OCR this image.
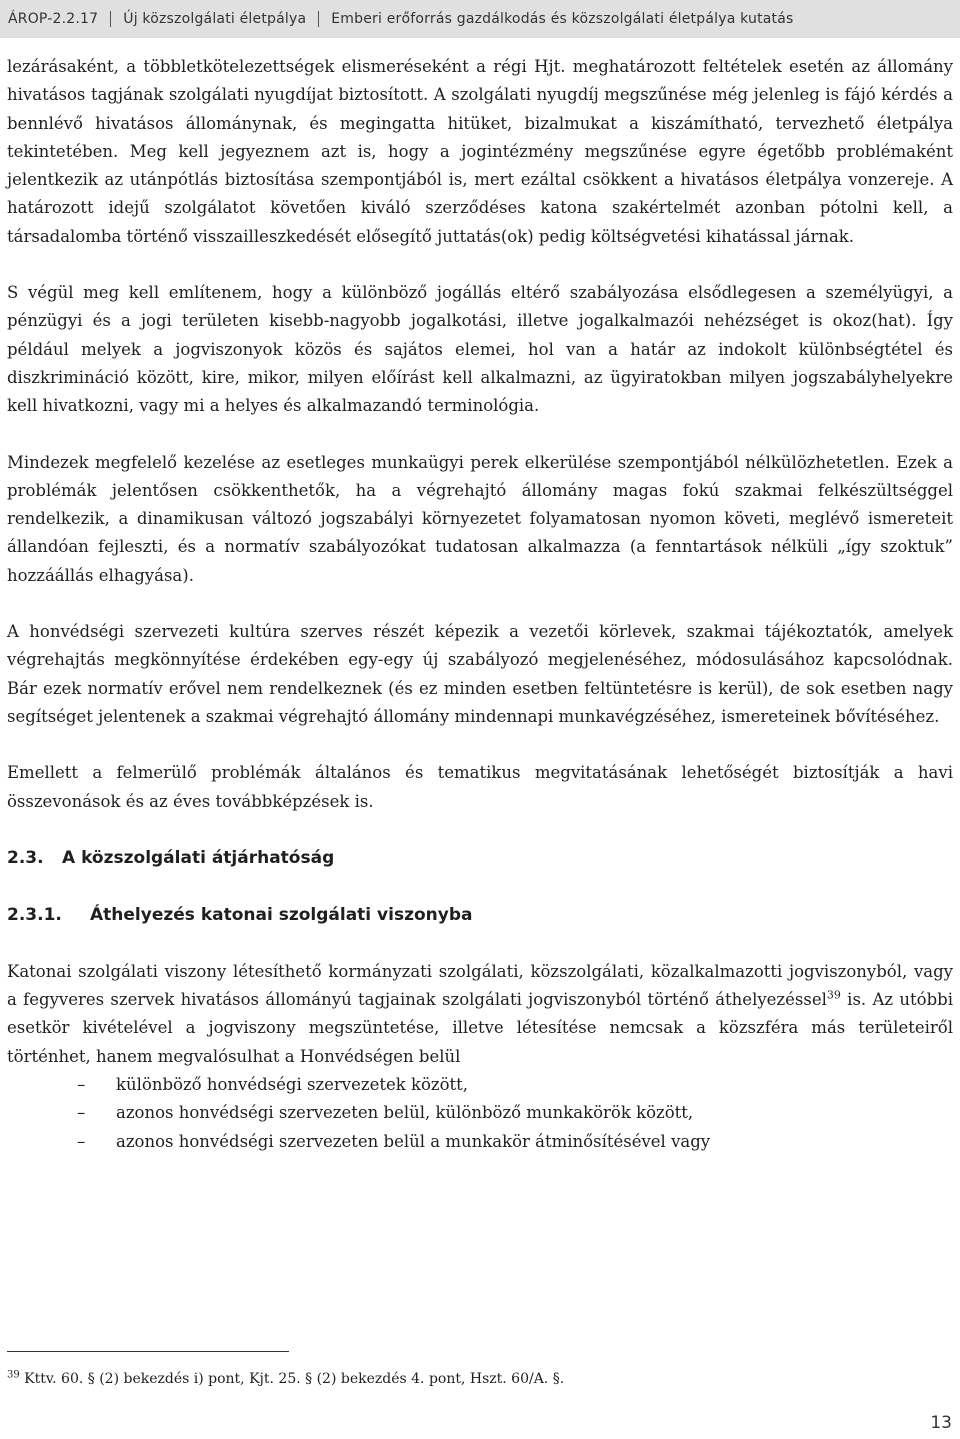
ÁROP-2.2.17 Új közszolgálati életpálya Emberi erőforrás gazdálkodás és közszolgálati életpálya kutatás

lezárásaként, a többletkötelezettségek elismeréseként a régi Hjt. meghatározott feltételek esetén az állomány hivatásos tagjának szolgálati nyugdíjat biztosított. A szolgálati nyugdíj megszűnése még jelenleg is fájó kérdés a bennlévő hivatásos állománynak, és megingatta hitüket, bizalmukat a kiszámítható, tervezhető életpálya tekintetében. Meg kell jegyeznem azt is, hogy a jogintézmény megszűnése egyre égetőbb problémaként jelentkezik az utánpótlás biztosítása szempontjából is, mert ezáltal csökkent a hivatásos életpálya vonzereje. A határozott idejű szolgálatot követően kiváló szerződéses katona szakértelmét azonban pótolni kell, a társadalomba történő visszailleszkedését elősegítő juttatás(ok) pedig költségvetési kihatással járnak.

S végül meg kell említenem, hogy a különböző jogállás eltérő szabályozása elsődlegesen a személyügyi, a pénzügyi és a jogi területen kisebb-nagyobb jogalkotási, illetve jogalkalmazói nehézséget is okoz(hat). Így például melyek a jogviszonyok közös és sajátos elemei, hol van a határ az indokolt különbségtétel és diszkrimináció között, kire, mikor, milyen előírást kell alkalmazni, az ügyiratokban milyen jogszabályhelyekre kell hivatkozni, vagy mi a helyes és alkalmazandó terminológia.

Mindezek megfelelő kezelése az esetleges munkaügyi perek elkerülése szempontjából nélkülözhetetlen. Ezek a problémák jelentősen csökkenthetők, ha a végrehajtó állomány magas fokú szakmai felkészültséggel rendelkezik, a dinamikusan változó jogszabályi környezetet folyamatosan nyomon követi, meglévő ismereteit állandóan fejleszti, és a normatív szabályozókat tudatosan alkalmazza (a fenntartások nélküli „így szoktuk” hozzáállás elhagyása).

A honvédségi szervezeti kultúra szerves részét képezik a vezetői körlevek, szakmai tájékoztatók, amelyek végrehajtás megkönnyítése érdekében egy-egy új szabályozó megjelenéséhez, módosulásához kapcsolódnak. Bár ezek normatív erővel nem rendelkeznek (és ez minden esetben feltüntetésre is kerül), de sok esetben nagy segítséget jelentenek a szakmai végrehajtó állomány mindennapi munkavégzéséhez, ismereteinek bővítéséhez.

Emellett a felmerülő problémák általános és tematikus megvitatásának lehetőségét biztosítják a havi összevonások és az éves továbbképzések is.

2.3. A közszolgálati átjárhatóság
2.3.1. Áthelyezés katonai szolgálati viszonyba

Katonai szolgálati viszony létesíthető kormányzati szolgálati, közszolgálati, közalkalmazotti jogviszonyból, vagy a fegyveres szervek hivatásos állományú tagjainak szolgálati jogviszonyból történő áthelyezéssel$^{39}$ is. Az utóbbi esetkör kivételével a jogviszony megszüntetése, illetve létesítése nemcsak a közszféra más területeiről történhet, hanem megvalósulhat a Honvédségen belül

– különböző honvédségi szervezetek között,
– azonos honvédségi szervezeten belül, különböző munkakörök között,
– azonos honvédségi szervezeten belül a munkakör átminősítésével vagy
$^{39}$ Kttv. 60. § (2) bekezdés i) pont, Kjt. 25. § (2) bekezdés 4. pont, Hszt. 60/A. §.
13
